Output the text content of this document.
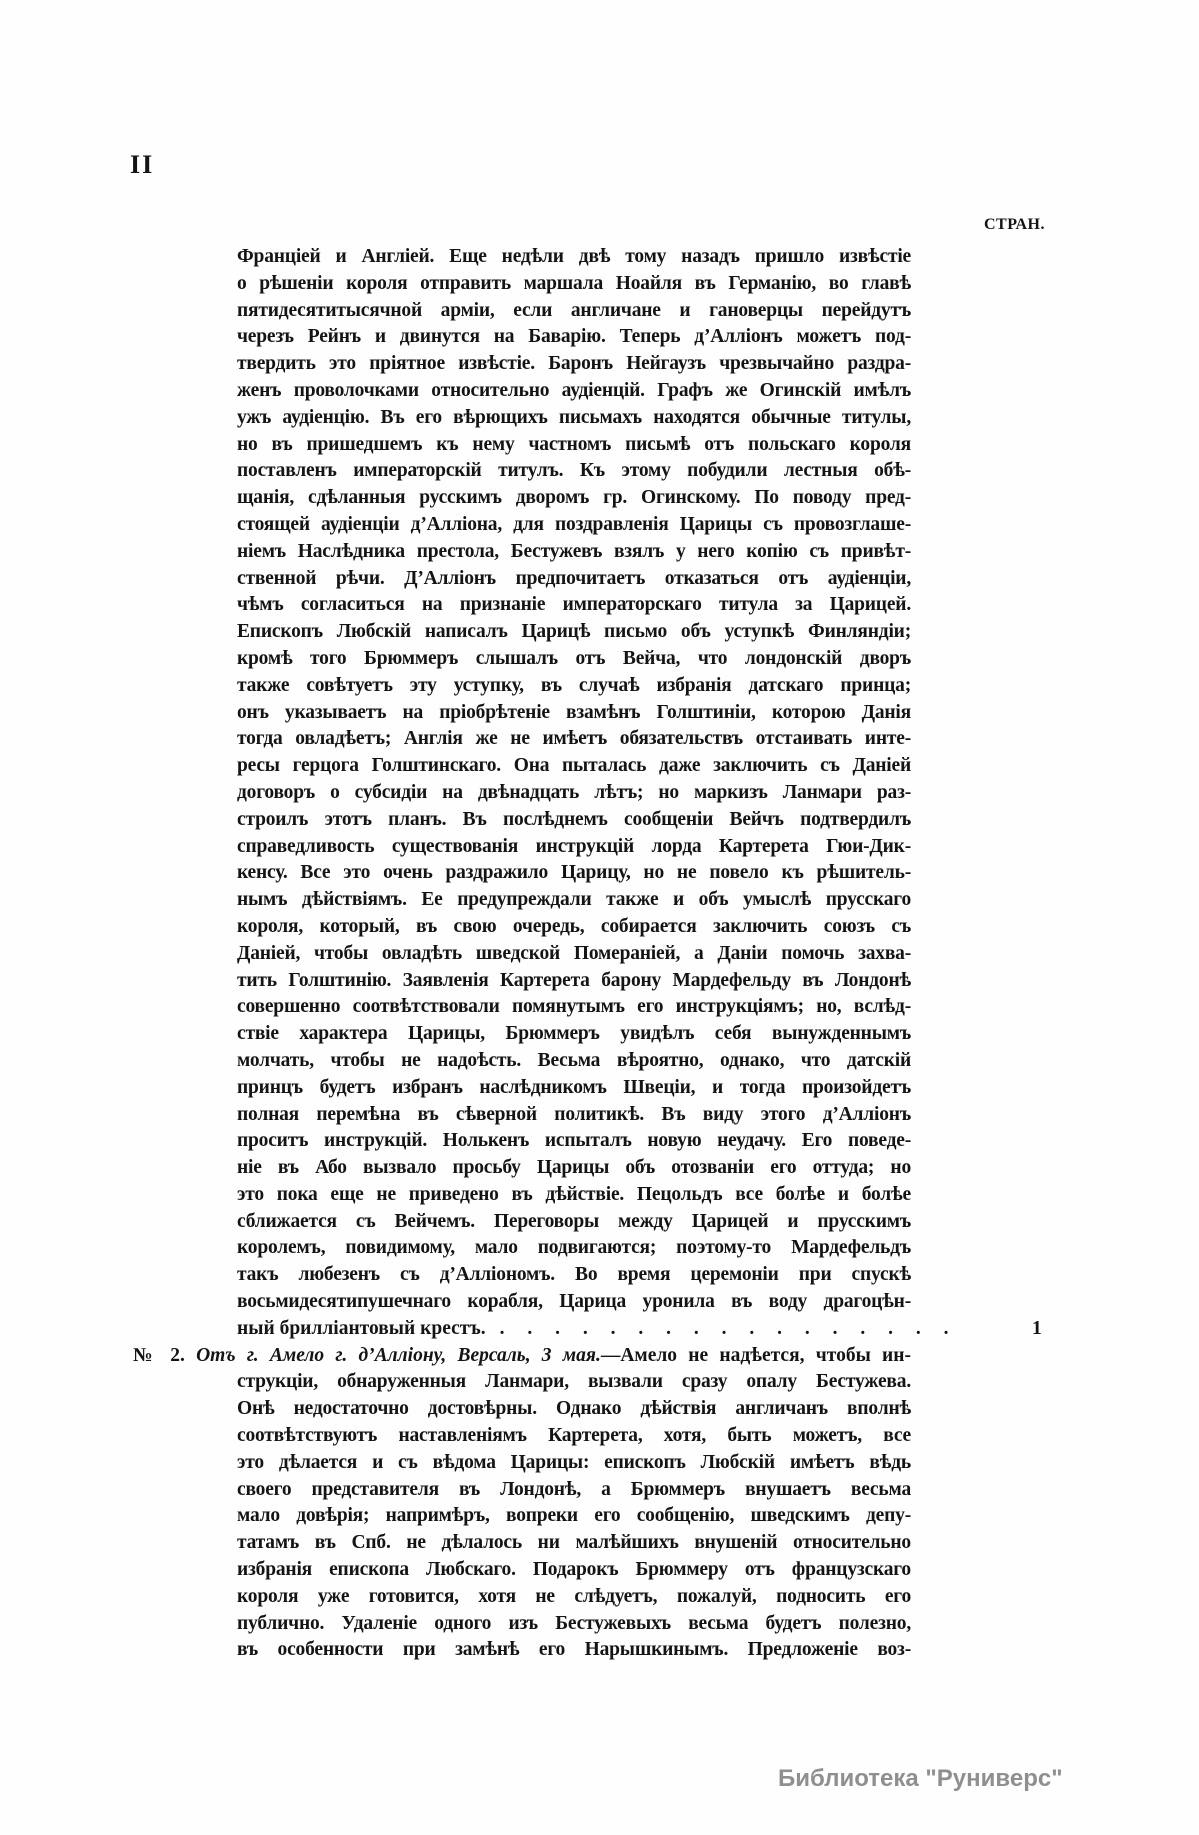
II
СТРАН.
Франціей и Англіей. Еще недѣли двѣ тому назадъ пришло извѣстіе
о рѣшеніи короля отправить маршала Ноайля въ Германію, во главѣ
пятидесятитысячной арміи, если англичане и гановерцы перейдутъ
черезъ Рейнъ и двинутся на Баварію. Теперь д’Алліонъ можетъ под-
твердить это пріятное извѣстіе. Баронъ Нейгаузъ чрезвычайно раздра-
женъ проволочками относительно аудіенцій. Графъ же Огинскій имѣлъ
ужъ аудіенцію. Въ его вѣрющихъ письмахъ находятся обычные титулы,
но въ пришедшемъ къ нему частномъ письмѣ отъ польскаго короля
поставленъ императорскій титулъ. Къ этому побудили лестныя обѣ-
щанія, сдѣланныя русскимъ дворомъ гр. Огинскому. По поводу пред-
стоящей аудіенціи д’Алліона, для поздравленія Царицы съ провозглаше-
ніемъ Наслѣдника престола, Бестужевъ взялъ у него копію съ привѣт-
ственной рѣчи. Д’Алліонъ предпочитаетъ отказаться отъ аудіенціи,
чѣмъ согласиться на признаніе императорскаго титула за Царицей.
Епископъ Любскій написалъ Царицѣ письмо объ уступкѣ Финляндіи;
кромѣ того Брюммеръ слышалъ отъ Вейча, что лондонскій дворъ
также совѣтуетъ эту уступку, въ случаѣ избранія датскаго принца;
онъ указываетъ на пріобрѣтеніе взамѣнъ Голштиніи, которою Данія
тогда овладѣетъ; Англія же не имѣетъ обязательствъ отстаивать инте-
ресы герцога Голштинскаго. Она пыталась даже заключить съ Даніей
договоръ о субсидіи на двѣнадцать лѣтъ; но маркизъ Ланмари раз-
строилъ этотъ планъ. Въ послѣднемъ сообщеніи Вейчъ подтвердилъ
справедливость существованія инструкцій лорда Картерета Гюи-Дик-
кенсу. Все это очень раздражило Царицу, но не повело къ рѣшитель-
нымъ дѣйствіямъ. Ее предупреждали также и объ умыслѣ прусскаго
короля, который, въ свою очередь, собирается заключить союзъ съ
Даніей, чтобы овладѣть шведской Помераніей, а Даніи помочь захва-
тить Голштинію. Заявленія Картерета барону Мардефельду въ Лондонѣ
совершенно соотвѣтствовали помянутымъ его инструкціямъ; но, вслѣд-
ствіе характера Царицы, Брюммеръ увидѣлъ себя вынужденнымъ
молчать, чтобы не надоѣсть. Весьма вѣроятно, однако, что датскій
принцъ будетъ избранъ наслѣдникомъ Швеціи, и тогда произойдетъ
полная перемѣна въ сѣверной политикѣ. Въ виду этого д’Алліонъ
проситъ инструкцій. Нолькенъ испыталъ новую неудачу. Его поведе-
ніе въ Або вызвало просьбу Царицы объ отозваніи его оттуда; но
это пока еще не приведено въ дѣйствіе. Пецольдъ все болѣе и болѣе
сближается съ Вейчемъ. Переговоры между Царицей и прусскимъ
королемъ, повидимому, мало подвигаются; поэтому-то Мардефельдъ
такъ любезенъ съ д’Алліономъ. Во время церемоніи при спускѣ
восьмидесятипушечнаго корабля, Царица уронила въ воду драгоцѣн-
ный брилліантовый крестъ. . . . . . . . . . . . . . . . . .	1
№ 2. Отъ г. Амело г. д’Алліону, Версаль, 3 мая.—Амело не надѣется, чтобы ин-
струкціи, обнаруженныя Ланмари, вызвали сразу опалу Бестужева.
Онѣ недостаточно достовѣрны. Однако дѣйствія англичанъ вполнѣ
соотвѣтствуютъ наставленіямъ Картерета, хотя, быть можетъ, все
это дѣлается и съ вѣдома Царицы: епископъ Любскій имѣетъ вѣдь
своего представителя въ Лондонѣ, а Брюммеръ внушаетъ весьма
мало довѣрія; напримѣръ, вопреки его сообщенію, шведскимъ депу-
татамъ въ Спб. не дѣлалось ни малѣйшихъ внушеній относительно
избранія епископа Любскаго. Подарокъ Брюммеру отъ французскаго
короля уже готовится, хотя не слѣдуетъ, пожалуй, подносить его
публично. Удаленіе одного изъ Бестужевыхъ весьма будетъ полезно,
въ особенности при замѣнѣ его Нарышкинымъ. Предложеніе воз-
Библиотека "Руниверс"
